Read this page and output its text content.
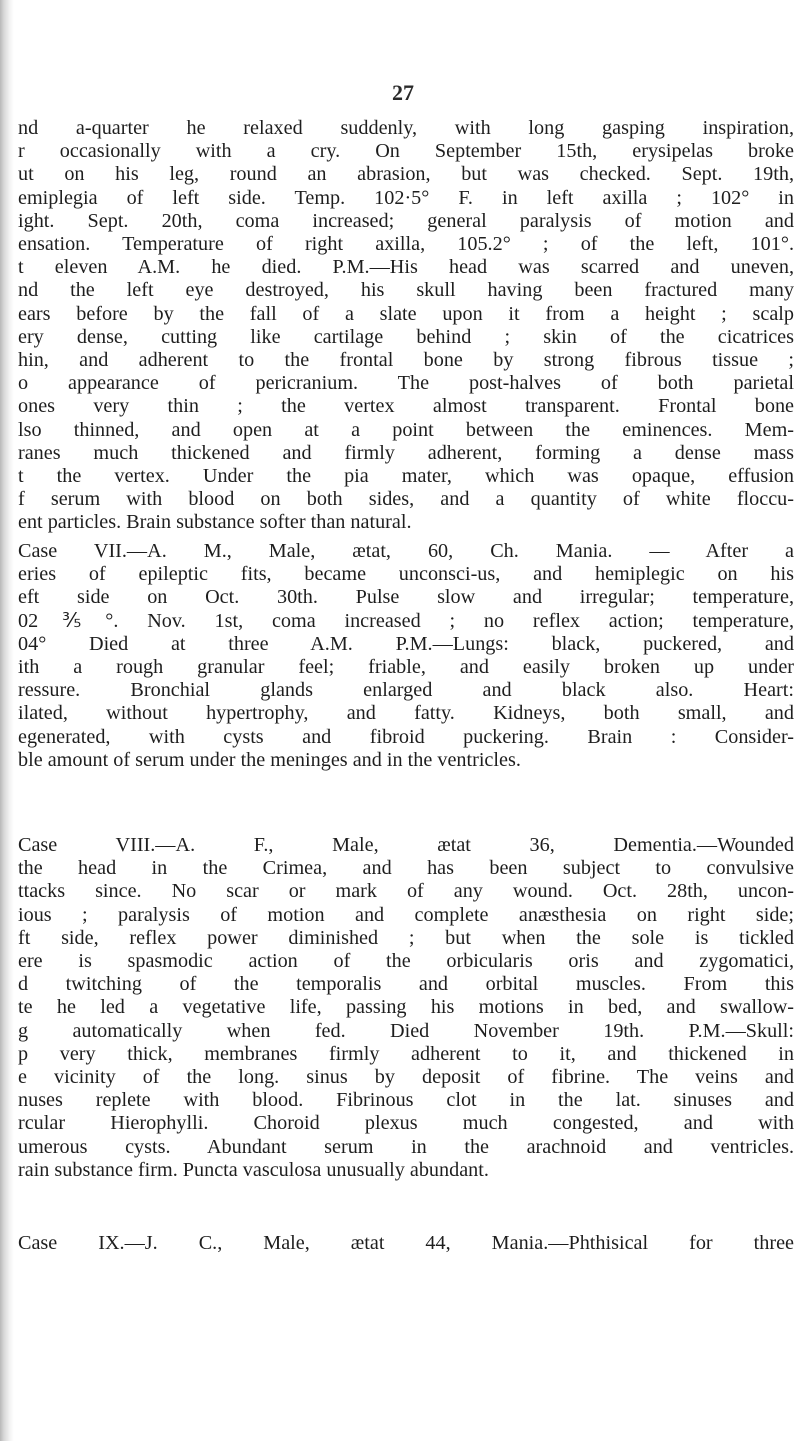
27
nd a-quarter he relaxed suddenly, with long gasping inspiration,
r occasionally with a cry. On September 15th, erysipelas broke
ut on his leg, round an abrasion, but was checked. Sept. 19th,
emiplegia of left side. Temp. 102·5° F. in left axilla ; 102° in
ight. Sept. 20th, coma increased; general paralysis of motion and
ensation. Temperature of right axilla, 105.2° ; of the left, 101°.
t eleven A.M. he died. P.M.—His head was scarred and uneven,
nd the left eye destroyed, his skull having been fractured many
ears before by the fall of a slate upon it from a height ; scalp
ery dense, cutting like cartilage behind ; skin of the cicatrices
hin, and adherent to the frontal bone by strong fibrous tissue ;
o appearance of pericranium. The post-halves of both parietal
ones very thin ; the vertex almost transparent. Frontal bone
lso thinned, and open at a point between the eminences. Mem-
ranes much thickened and firmly adherent, forming a dense mass
t the vertex. Under the pia mater, which was opaque, effusion
f serum with blood on both sides, and a quantity of white floccu-
ent particles. Brain substance softer than natural.
Case VII.—A. M., Male, ætat, 60, Ch. Mania. — After a
eries of epileptic fits, became unconsci-us, and hemiplegic on his
eft side on Oct. 30th. Pulse slow and irregular; temperature,
02⅗°. Nov. 1st, coma increased ; no reflex action; temperature,
04° Died at three A.M. P.M.—Lungs: black, puckered, and
ith a rough granular feel; friable, and easily broken up under
ressure. Bronchial glands enlarged and black also. Heart:
ilated, without hypertrophy, and fatty. Kidneys, both small, and
egenerated, with cysts and fibroid puckering. Brain : Consider-
ble amount of serum under the meninges and in the ventricles.
Case VIII.—A. F., Male, ætat 36, Dementia.—Wounded
the head in the Crimea, and has been subject to convulsive
ttacks since. No scar or mark of any wound. Oct. 28th, uncon-
ious ; paralysis of motion and complete anæsthesia on right side;
ft side, reflex power diminished ; but when the sole is tickled
ere is spasmodic action of the orbicularis oris and zygomatici,
d twitching of the temporalis and orbital muscles. From this
te he led a vegetative life, passing his motions in bed, and swallow-
g automatically when fed. Died November 19th. P.M.—Skull:
p very thick, membranes firmly adherent to it, and thickened in
e vicinity of the long. sinus by deposit of fibrine. The veins and
nuses replete with blood. Fibrinous clot in the lat. sinuses and
rcular Hierophylli. Choroid plexus much congested, and with
umerous cysts. Abundant serum in the arachnoid and ventricles.
rain substance firm. Puncta vasculosa unusually abundant.
Case IX.—J. C., Male, ætat 44, Mania.—Phthisical for three
